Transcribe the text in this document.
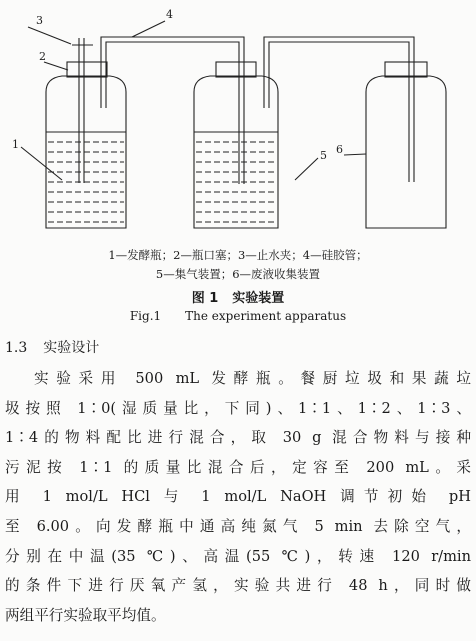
3
2
4
1
5 6
1—发酵瓶；2—瓶口塞；3—止水夹；4—硅胶管；
5—集气装置；6—废液收集装置
图 1 实验装置
Fig.1 The experiment apparatus
1.3 实验设计
实验采用 500 mL 发酵瓶。餐厨垃圾和果蔬垃
圾按照 1∶0(湿质量比，下同)、1∶1、1∶2、1∶3、
1∶4的物料配比进行混合，取 30 g 混合物料与接种
污泥按 1∶1 的质量比混合后，定容至 200 mL。采
用 1 mol/L HCl 与 1 mol/L NaOH 调节初始 pH
至 6.00。向发酵瓶中通高纯氮气 5 min 去除空气，
分别在中温(35 ℃)、高温(55 ℃)，转速 120 r/min
的条件下进行厌氧产氢，实验共进行 48 h，同时做
两组平行实验取平均值。
